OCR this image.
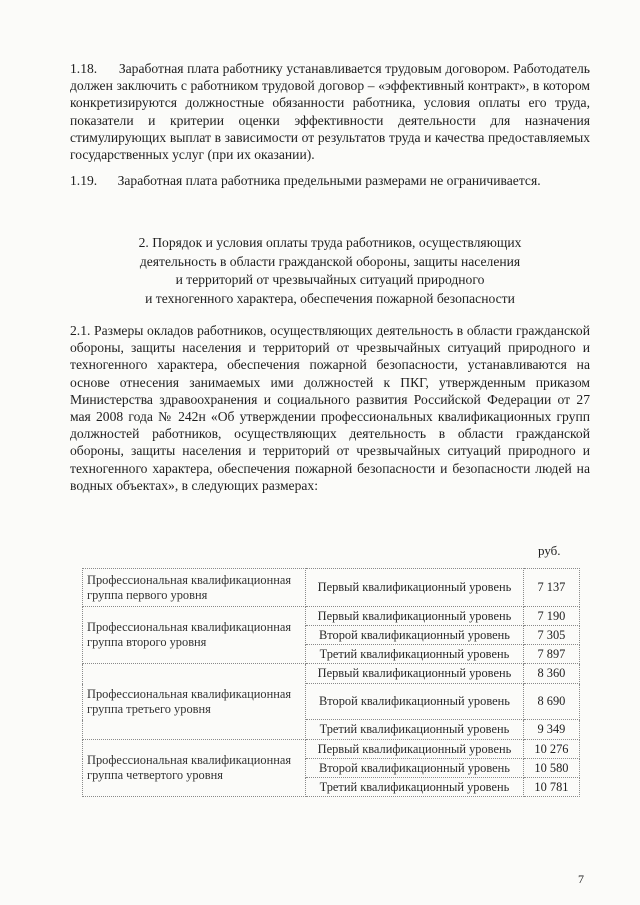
1.18.      Заработная плата работнику устанавливается трудовым договором. Работодатель должен заключить с работником трудовой договор – «эффективный контракт», в котором конкретизируются должностные обязанности работника, условия оплаты его труда, показатели и критерии оценки эффективности деятельности для назначения стимулирующих выплат в зависимости от результатов труда и качества предоставляемых государственных услуг (при их оказании).

1.19.      Заработная плата работника предельными размерами не ограничивается.

2. Порядок и условия оплаты труда работников, осуществляющих
деятельность в области гражданской обороны, защиты населения
и территорий от чрезвычайных ситуаций природного
и техногенного характера, обеспечения пожарной безопасности

2.1. Размеры окладов работников, осуществляющих деятельность в области гражданской обороны, защиты населения и территорий от чрезвычайных ситуаций природного и техногенного характера, обеспечения пожарной безопасности, устанавливаются на основе отнесения занимаемых ими должностей к ПКГ, утвержденным приказом Министерства здравоохранения и социального развития Российской Федерации от 27 мая 2008 года № 242н «Об утверждении профессиональных квалификационных групп должностей работников, осуществляющих деятельность в области гражданской обороны, защиты населения и территорий от чрезвычайных ситуаций природного и техногенного характера, обеспечения пожарной безопасности и безопасности людей на водных объектах», в следующих размерах:

руб.
Профессиональная квалификационная группа первого уровня	Первый квалификационный уровень	7 137
Профессиональная квалификационная группа второго уровня	Первый квалификационный уровень	7 190
	Второй квалификационный уровень	7 305
	Третий квалификационный уровень	7 897
Профессиональная квалификационная группа третьего уровня	Первый квалификационный уровень	8 360
	Второй квалификационный уровень	8 690
	Третий квалификационный уровень	9 349
Профессиональная квалификационная группа четвертого уровня	Первый квалификационный уровень	10 276
	Второй квалификационный уровень	10 580
	Третий квалификационный уровень	10 781
7
